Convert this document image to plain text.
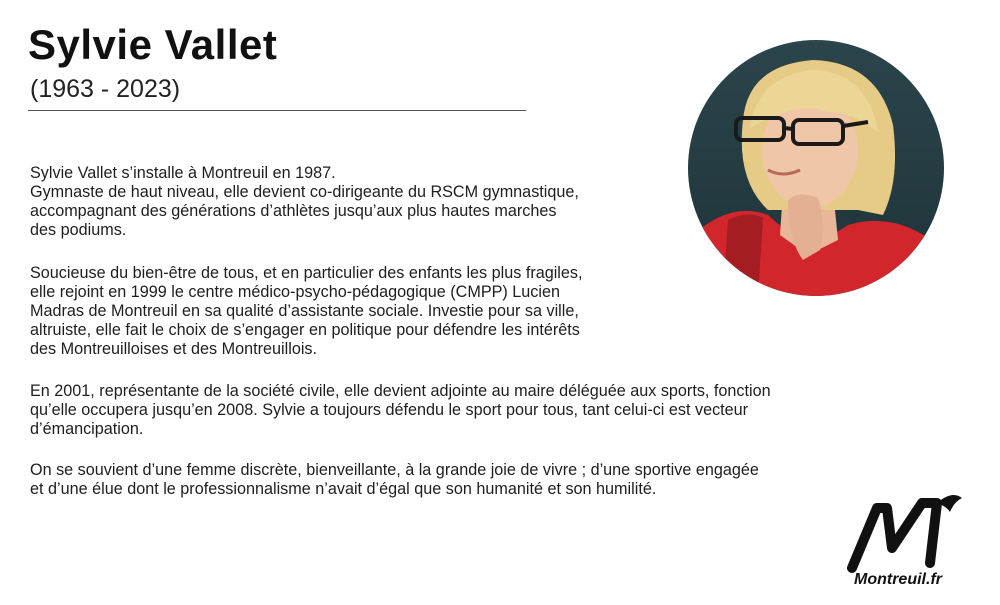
Sylvie Vallet
(1963 - 2023)
Sylvie Vallet s’installe à Montreuil en 1987.
Gymnaste de haut niveau, elle devient co-dirigeante du RSCM gymnastique,
accompagnant des générations d’athlètes jusqu’aux plus hautes marches
des podiums.
Soucieuse du bien-être de tous, et en particulier des enfants les plus fragiles,
elle rejoint en 1999 le centre médico-psycho-pédagogique (CMPP) Lucien
Madras de Montreuil en sa qualité d’assistante sociale. Investie pour sa ville,
altruiste, elle fait le choix de s’engager en politique pour défendre les intérêts
des Montreuilloises et des Montreuillois.
En 2001, représentante de la société civile, elle devient adjointe au maire déléguée aux sports, fonction
qu’elle occupera jusqu’en 2008. Sylvie a toujours défendu le sport pour tous, tant celui-ci est vecteur
d’émancipation.
On se souvient d’une femme discrète, bienveillante, à la grande joie de vivre ; d’une sportive engagée
et d’une élue dont le professionnalisme n’avait d’égal que son humanité et son humilité.
Montreuil.fr
